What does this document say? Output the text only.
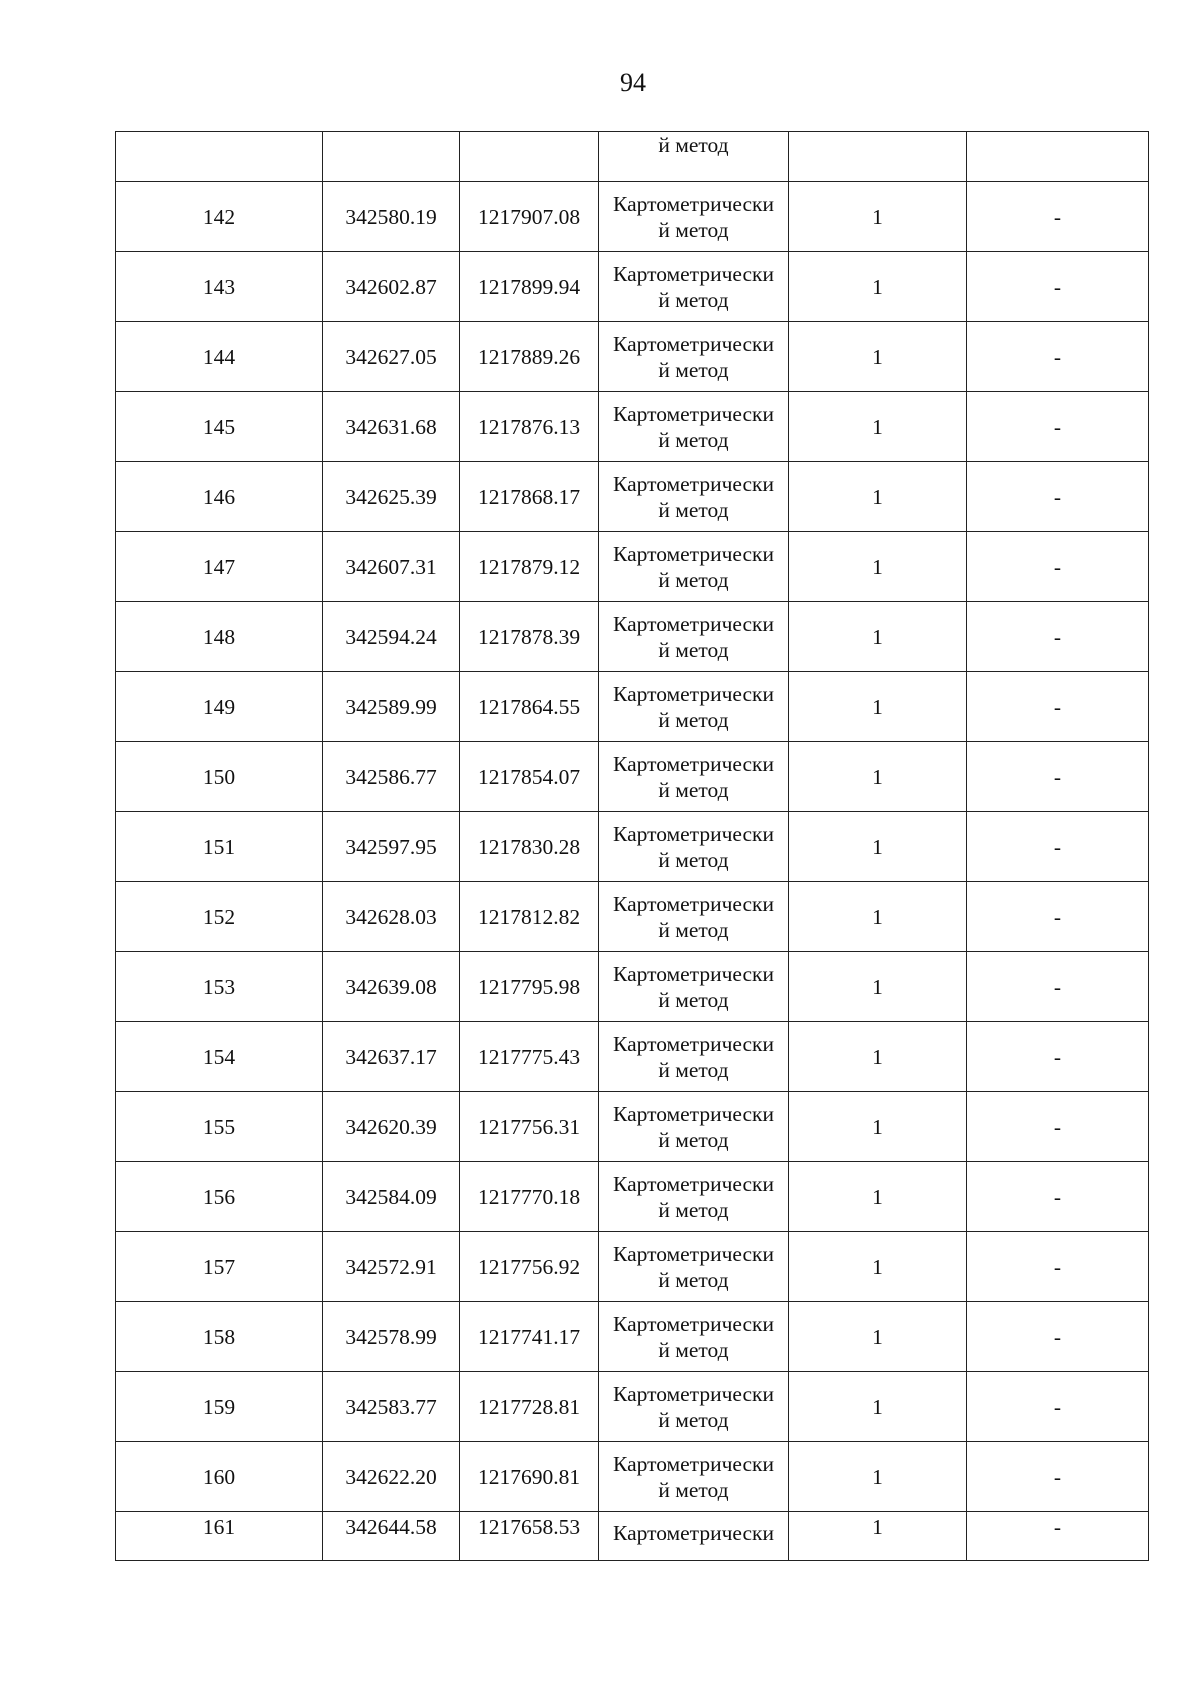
94
			й метод		
142	342580.19	1217907.08	Картометрически
й метод	1	-
143	342602.87	1217899.94	Картометрически
й метод	1	-
144	342627.05	1217889.26	Картометрически
й метод	1	-
145	342631.68	1217876.13	Картометрически
й метод	1	-
146	342625.39	1217868.17	Картометрически
й метод	1	-
147	342607.31	1217879.12	Картометрически
й метод	1	-
148	342594.24	1217878.39	Картометрически
й метод	1	-
149	342589.99	1217864.55	Картометрически
й метод	1	-
150	342586.77	1217854.07	Картометрически
й метод	1	-
151	342597.95	1217830.28	Картометрически
й метод	1	-
152	342628.03	1217812.82	Картометрически
й метод	1	-
153	342639.08	1217795.98	Картометрически
й метод	1	-
154	342637.17	1217775.43	Картометрически
й метод	1	-
155	342620.39	1217756.31	Картометрически
й метод	1	-
156	342584.09	1217770.18	Картометрически
й метод	1	-
157	342572.91	1217756.92	Картометрически
й метод	1	-
158	342578.99	1217741.17	Картометрически
й метод	1	-
159	342583.77	1217728.81	Картометрически
й метод	1	-
160	342622.20	1217690.81	Картометрически
й метод	1	-
161	342644.58	1217658.53	Картометрически	1	-
